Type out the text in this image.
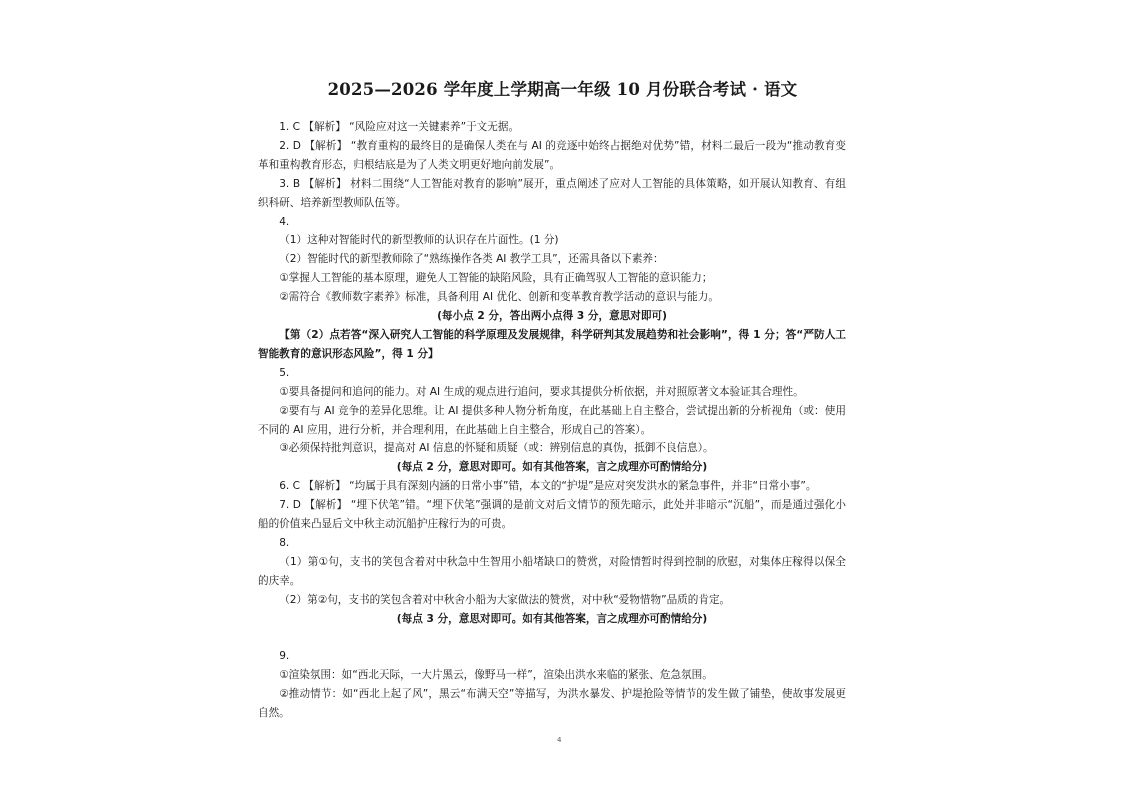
2025—2026 学年度上学期高一年级 10 月份联合考试 · 语文

1. C 【解析】 “风险应对这一关键素养”于文无据。

2. D 【解析】 “教育重构的最终目的是确保人类在与 AI 的竞逐中始终占据绝对优势”错，材料二最后一段为“推动教育变革和重构教育形态，归根结底是为了人类文明更好地向前发展”。

3. B 【解析】 材料二围绕“人工智能对教育的影响”展开，重点阐述了应对人工智能的具体策略，如开展认知教育、有组织科研、培养新型教师队伍等。

4.

（1）这种对智能时代的新型教师的认识存在片面性。(1 分)

（2）智能时代的新型教师除了“熟练操作各类 AI 教学工具”，还需具备以下素养：

①掌握人工智能的基本原理，避免人工智能的缺陷风险，具有正确驾驭人工智能的意识能力；

②需符合《教师数字素养》标准，具备利用 AI 优化、创新和变革教育教学活动的意识与能力。

(每小点 2 分，答出两小点得 3 分，意思对即可)

【第（2）点若答“深入研究人工智能的科学原理及发展规律，科学研判其发展趋势和社会影响”，得 1 分；答“严防人工智能教育的意识形态风险”，得 1 分】

5.

①要具备提问和追问的能力。对 AI 生成的观点进行追问，要求其提供分析依据，并对照原著文本验证其合理性。

②要有与 AI 竞争的差异化思维。让 AI 提供多种人物分析角度，在此基础上自主整合，尝试提出新的分析视角（或：使用不同的 AI 应用，进行分析，并合理利用，在此基础上自主整合，形成自己的答案）。

③必须保持批判意识，提高对 AI 信息的怀疑和质疑（或：辨别信息的真伪，抵御不良信息）。

(每点 2 分，意思对即可。如有其他答案，言之成理亦可酌情给分)

6. C 【解析】 “均属于具有深刻内涵的日常小事”错，本文的“护堤”是应对突发洪水的紧急事件，并非“日常小事”。

7. D 【解析】 “埋下伏笔”错。“埋下伏笔”强调的是前文对后文情节的预先暗示，此处并非暗示“沉船”，而是通过强化小船的价值来凸显后文中秋主动沉船护庄稼行为的可贵。

8.

（1）第①句，支书的笑包含着对中秋急中生智用小船堵缺口的赞赏，对险情暂时得到控制的欣慰，对集体庄稼得以保全的庆幸。

（2）第②句，支书的笑包含着对中秋舍小船为大家做法的赞赏，对中秋“爱物惜物”品质的肯定。

(每点 3 分，意思对即可。如有其他答案，言之成理亦可酌情给分)

9.

①渲染氛围：如“西北天际，一大片黑云，像野马一样”，渲染出洪水来临的紧张、危急氛围。

②推动情节：如“西北上起了风”，黑云“布满天空”等描写，为洪水暴发、护堤抢险等情节的发生做了铺垫，使故事发展更自然。

4
